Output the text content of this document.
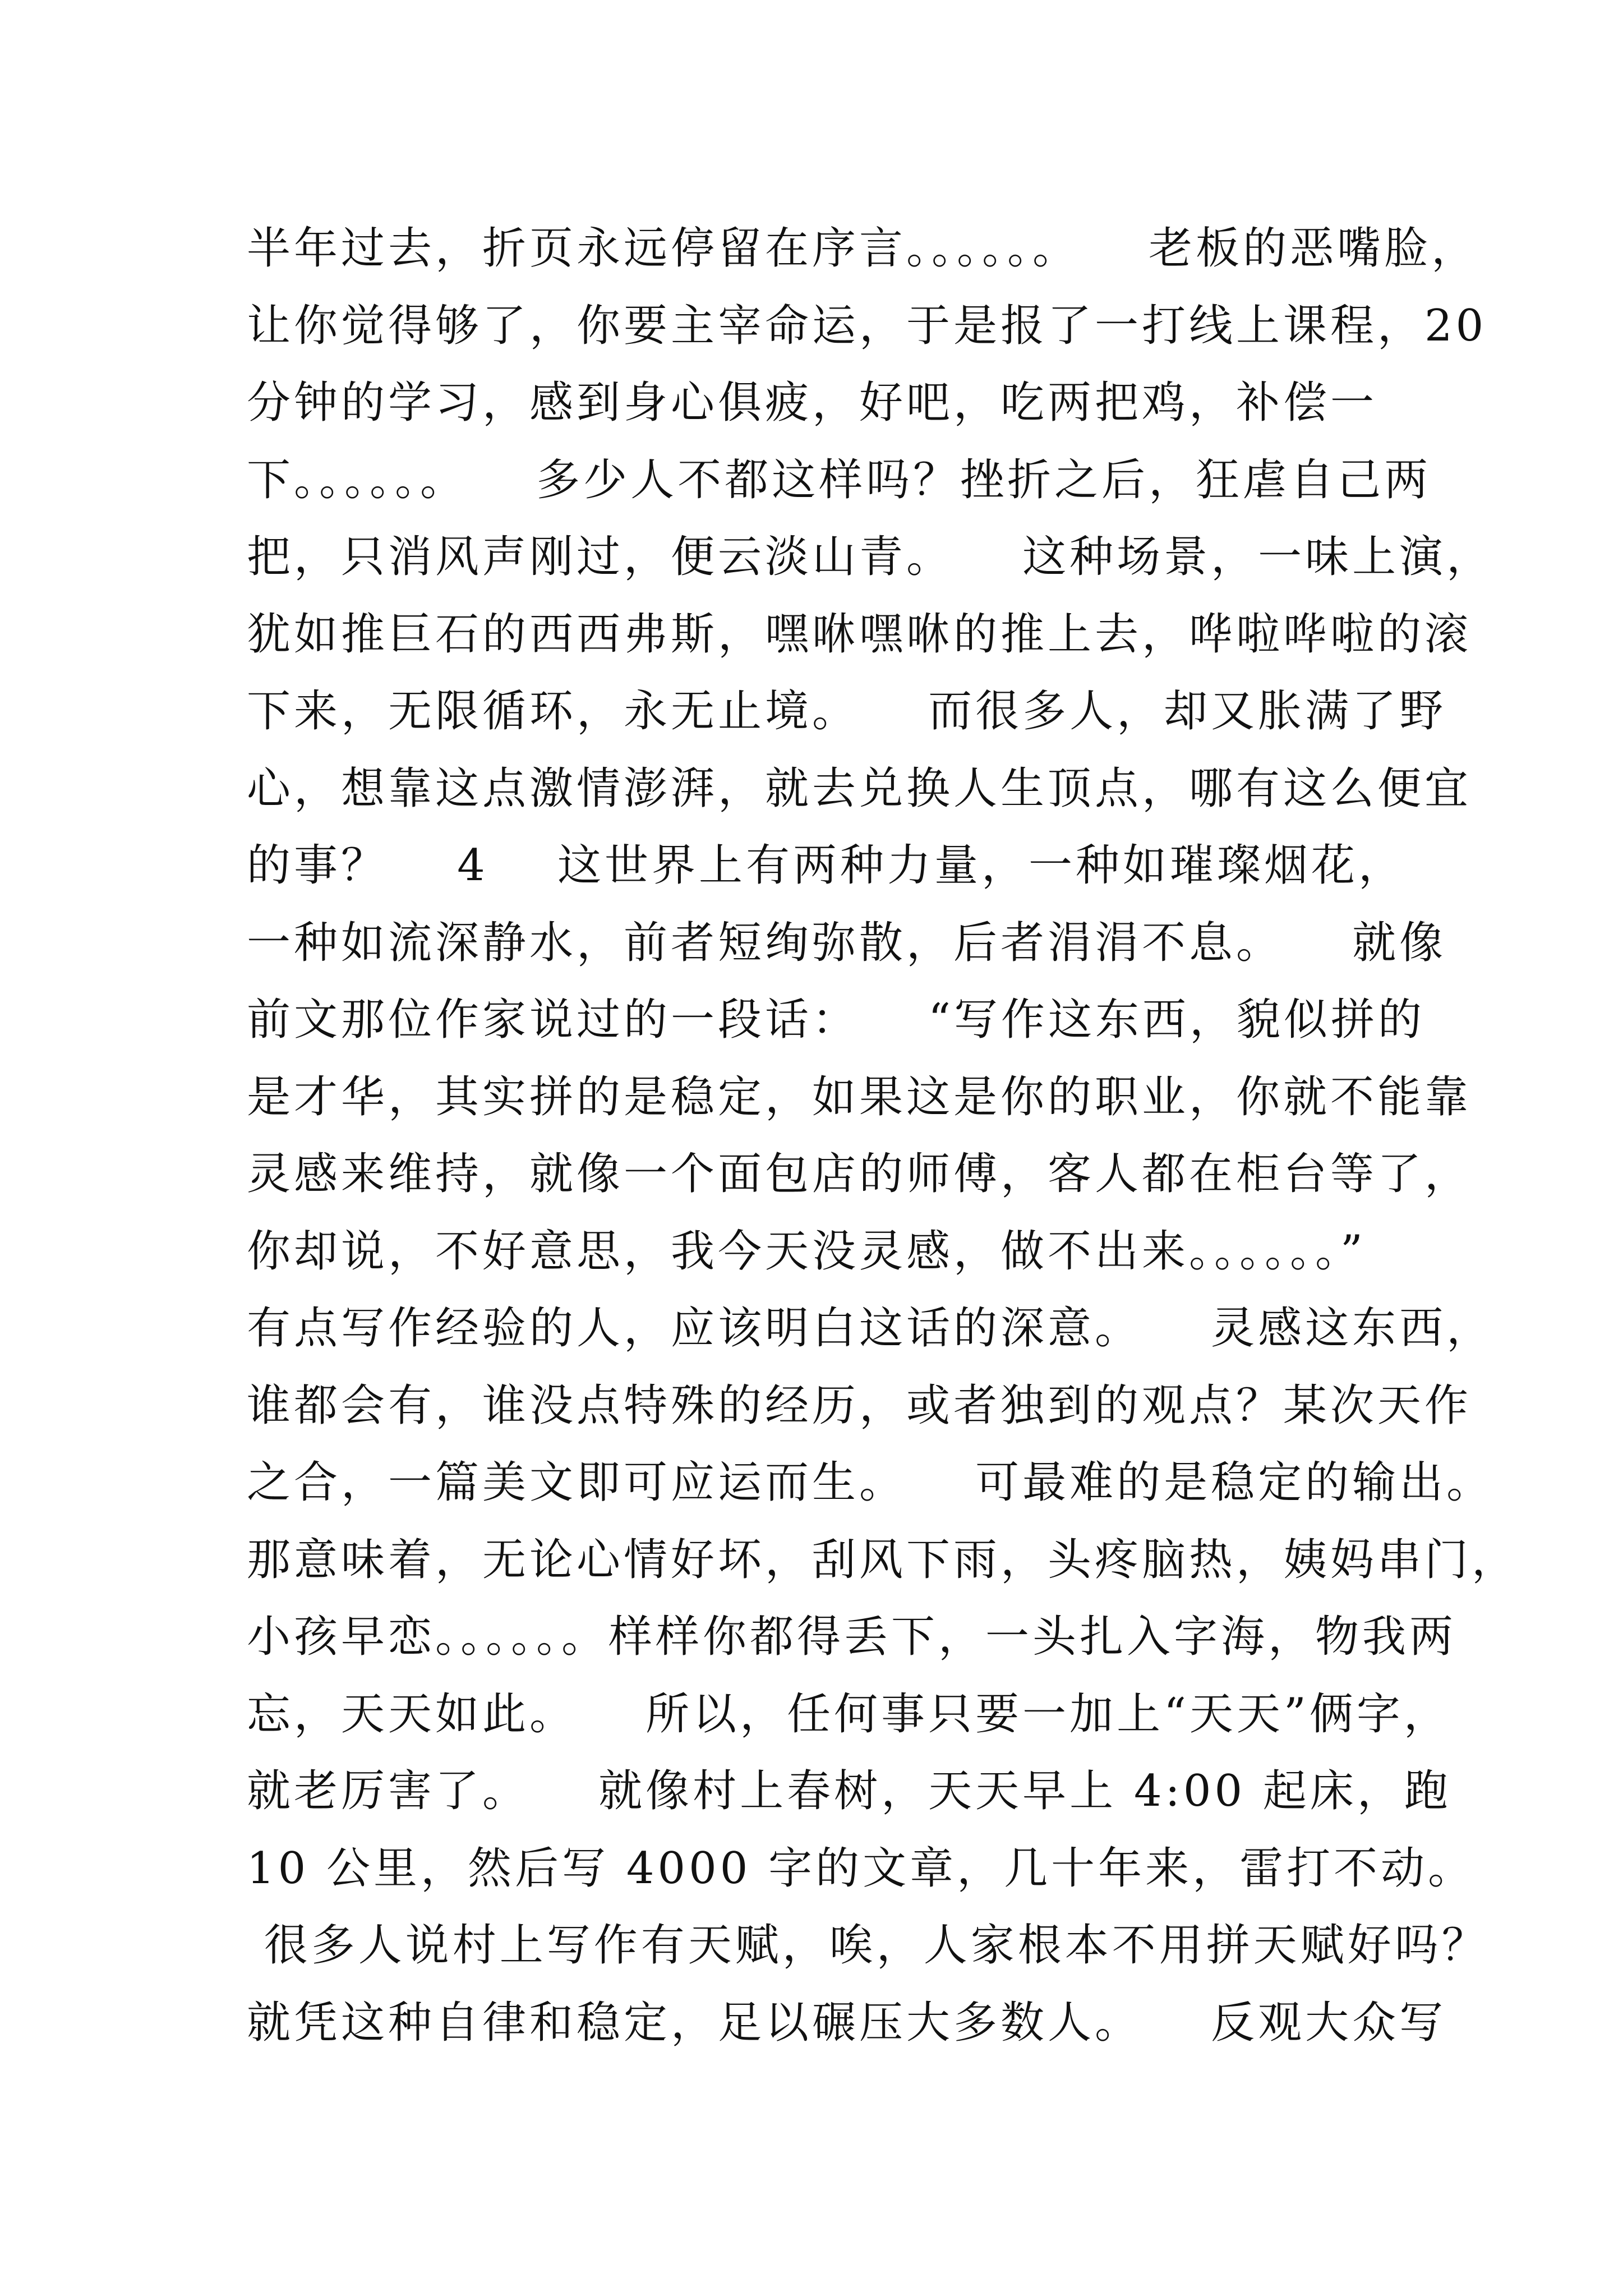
半年过去，折页永远停留在序言。。。。。。    老板的恶嘴脸，
让你觉得够了，你要主宰命运，于是报了一打线上课程，20
分钟的学习，感到身心俱疲，好吧，吃两把鸡，补偿一
下。。。。。。    多少人不都这样吗？挫折之后，狂虐自己两
把，只消风声刚过，便云淡山青。    这种场景，一味上演，
犹如推巨石的西西弗斯，嘿咻嘿咻的推上去，哗啦哗啦的滚
下来，无限循环，永无止境。    而很多人，却又胀满了野
心，想靠这点激情澎湃，就去兑换人生顶点，哪有这么便宜
的事？    4    这世界上有两种力量，一种如璀璨烟花，
一种如流深静水，前者短绚弥散，后者涓涓不息。    就像
前文那位作家说过的一段话：    “写作这东西，貌似拼的
是才华，其实拼的是稳定，如果这是你的职业，你就不能靠
灵感来维持，就像一个面包店的师傅，客人都在柜台等了，
你却说，不好意思，我今天没灵感，做不出来。。。。。。”
有点写作经验的人，应该明白这话的深意。    灵感这东西，
谁都会有，谁没点特殊的经历，或者独到的观点？某次天作
之合，一篇美文即可应运而生。    可最难的是稳定的输出。
那意味着，无论心情好坏，刮风下雨，头疼脑热，姨妈串门，
小孩早恋。。。。。。样样你都得丢下，一头扎入字海，物我两
忘，天天如此。    所以，任何事只要一加上“天天”俩字，
就老厉害了。    就像村上春树，天天早上 4:00 起床，跑
10 公里，然后写 4000 字的文章，几十年来，雷打不动。
很多人说村上写作有天赋，唉，人家根本不用拼天赋好吗？
就凭这种自律和稳定，足以碾压大多数人。    反观大众写
